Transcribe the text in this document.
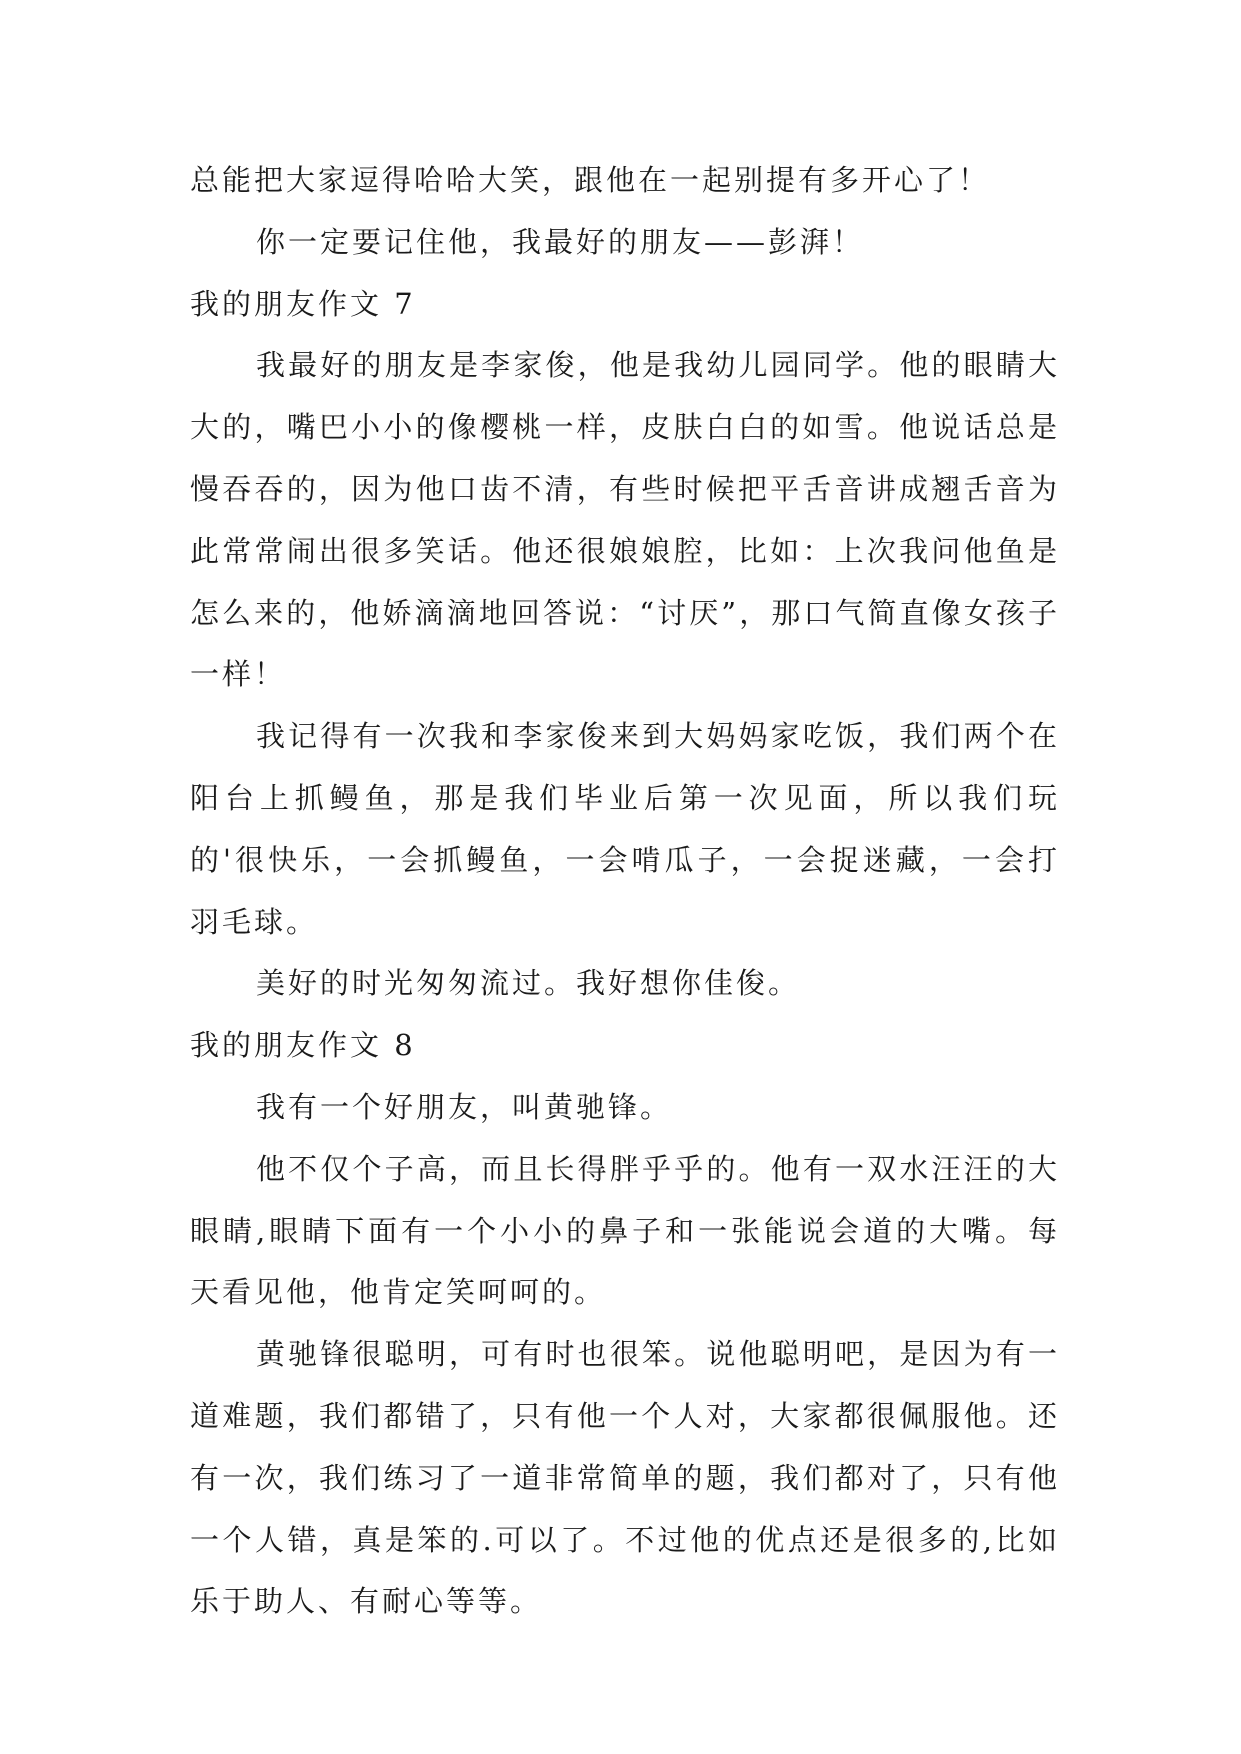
总能把大家逗得哈哈大笑，跟他在一起别提有多开心了！

你一定要记住他，我最好的朋友——彭湃！

我的朋友作文 7

我最好的朋友是李家俊，他是我幼儿园同学。他的眼睛大大的，嘴巴小小的像樱桃一样，皮肤白白的如雪。他说话总是慢吞吞的，因为他口齿不清，有些时候把平舌音讲成翘舌音为此常常闹出很多笑话。他还很娘娘腔，比如：上次我问他鱼是怎么来的，他娇滴滴地回答说：“讨厌”，那口气简直像女孩子一样！

我记得有一次我和李家俊来到大妈妈家吃饭，我们两个在阳台上抓鳗鱼，那是我们毕业后第一次见面，所以我们玩的'很快乐，一会抓鳗鱼，一会啃瓜子，一会捉迷藏，一会打羽毛球。

美好的时光匆匆流过。我好想你佳俊。

我的朋友作文 8

我有一个好朋友，叫黄驰锋。

他不仅个子高，而且长得胖乎乎的。他有一双水汪汪的大眼睛,眼睛下面有一个小小的鼻子和一张能说会道的大嘴。每天看见他，他肯定笑呵呵的。

黄驰锋很聪明，可有时也很笨。说他聪明吧，是因为有一道难题，我们都错了，只有他一个人对，大家都很佩服他。还有一次，我们练习了一道非常简单的题，我们都对了，只有他一个人错，真是笨的.可以了。不过他的优点还是很多的,比如乐于助人、有耐心等等。
